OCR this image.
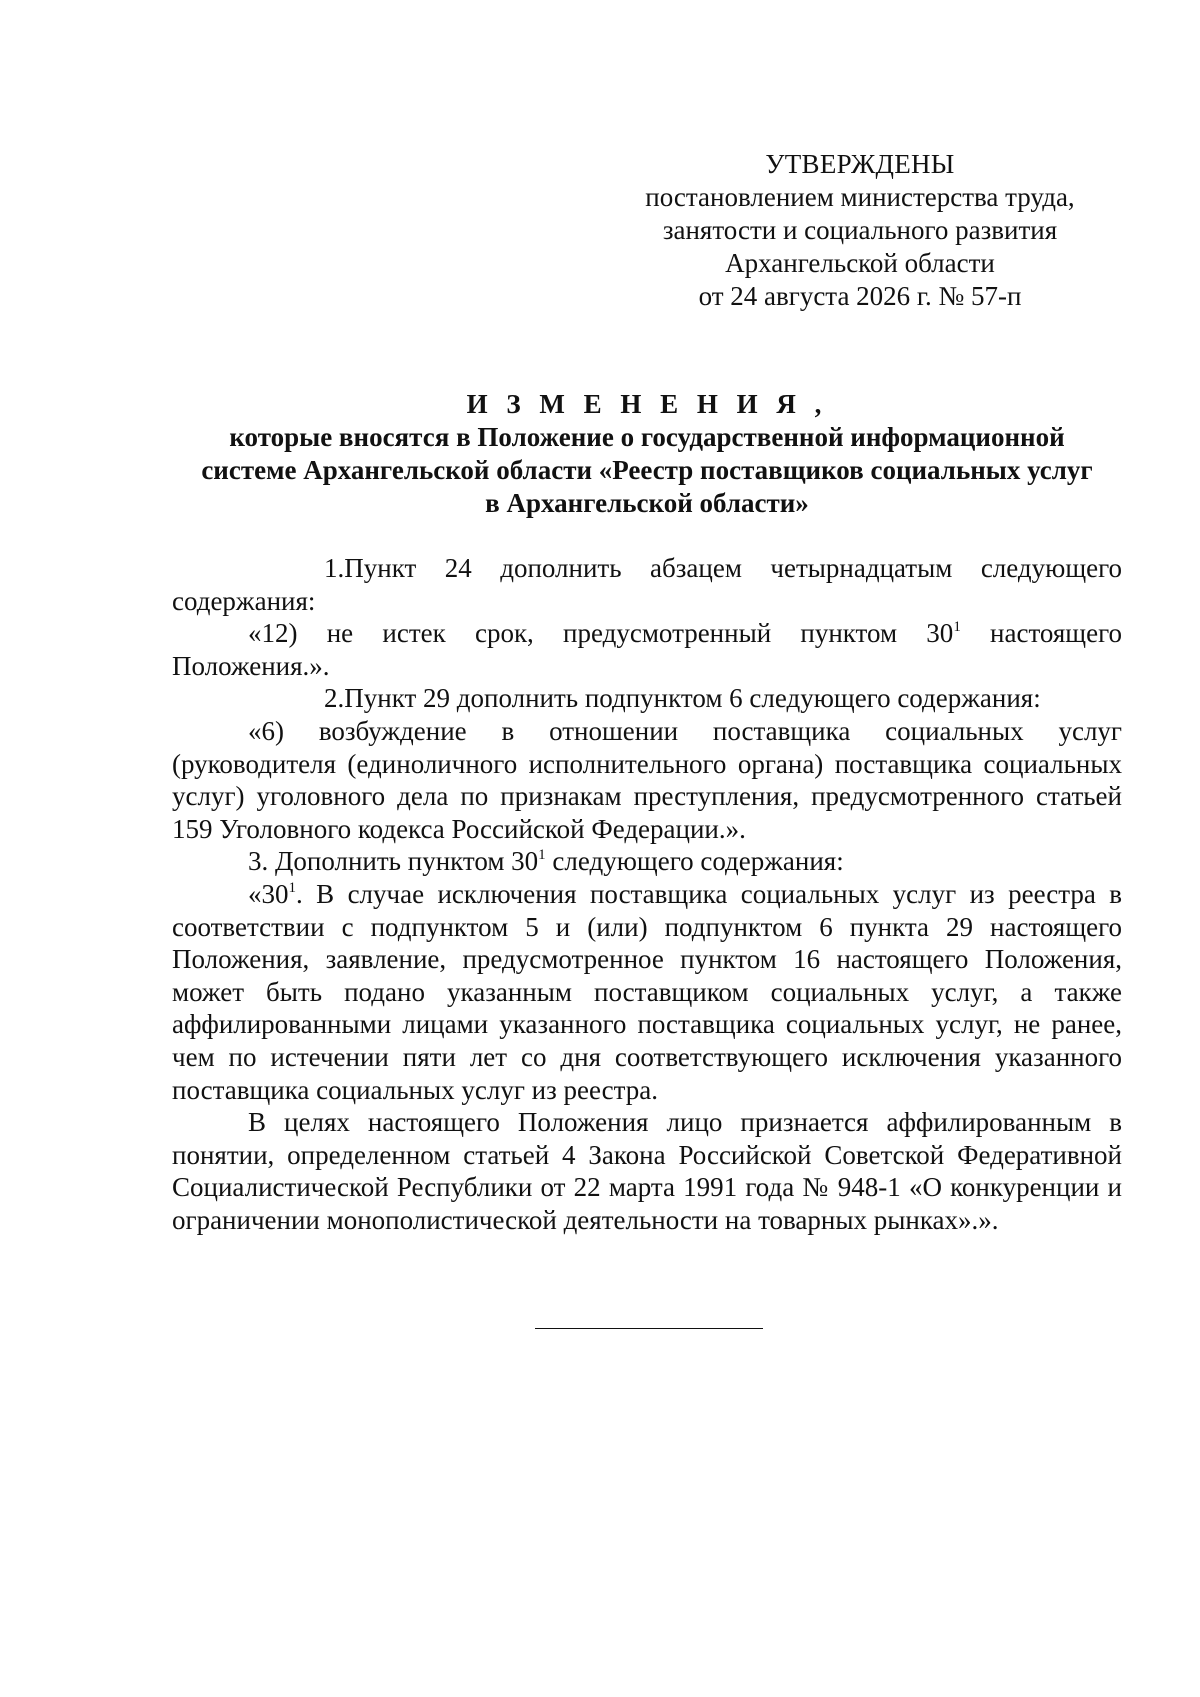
УТВЕРЖДЕНЫ
постановлением министерства труда,
занятости и социального развития
Архангельской области
от 24 августа 2026 г. № 57-п
И З М Е Н Е Н И Я ,
которые вносятся в Положение о государственной информационной
системе Архангельской области «Реестр поставщиков социальных услуг
в Архангельской области»

1.Пункт 24 дополнить абзацем четырнадцатым следующего содержания:

«12) не истек срок, предусмотренный пунктом $30^1$ настоящего Положения.».

2.Пункт 29 дополнить подпунктом 6 следующего содержания:

«6) возбуждение в отношении поставщика социальных услуг (руководителя (единоличного исполнительного органа) поставщика социальных услуг) уголовного дела по признакам преступления, предусмотренного статьей 159 Уголовного кодекса Российской Федерации.».

3. Дополнить пунктом $30^1$ следующего содержания:

«$30^1$. В случае исключения поставщика социальных услуг из реестра в соответствии с подпунктом 5 и (или) подпунктом 6 пункта 29 настоящего Положения, заявление, предусмотренное пунктом 16 настоящего Положения, может быть подано указанным поставщиком социальных услуг, а также аффилированными лицами указанного поставщика социальных услуг, не ранее, чем по истечении пяти лет со дня соответствующего исключения указанного поставщика социальных услуг из реестра.

В целях настоящего Положения лицо признается аффилированным в понятии, определенном статьей 4 Закона Российской Советской Федеративной Социалистической Республики от 22 марта 1991 года № 948-1 «О конкуренции и ограничении монополистической деятельности на товарных рынках».».
